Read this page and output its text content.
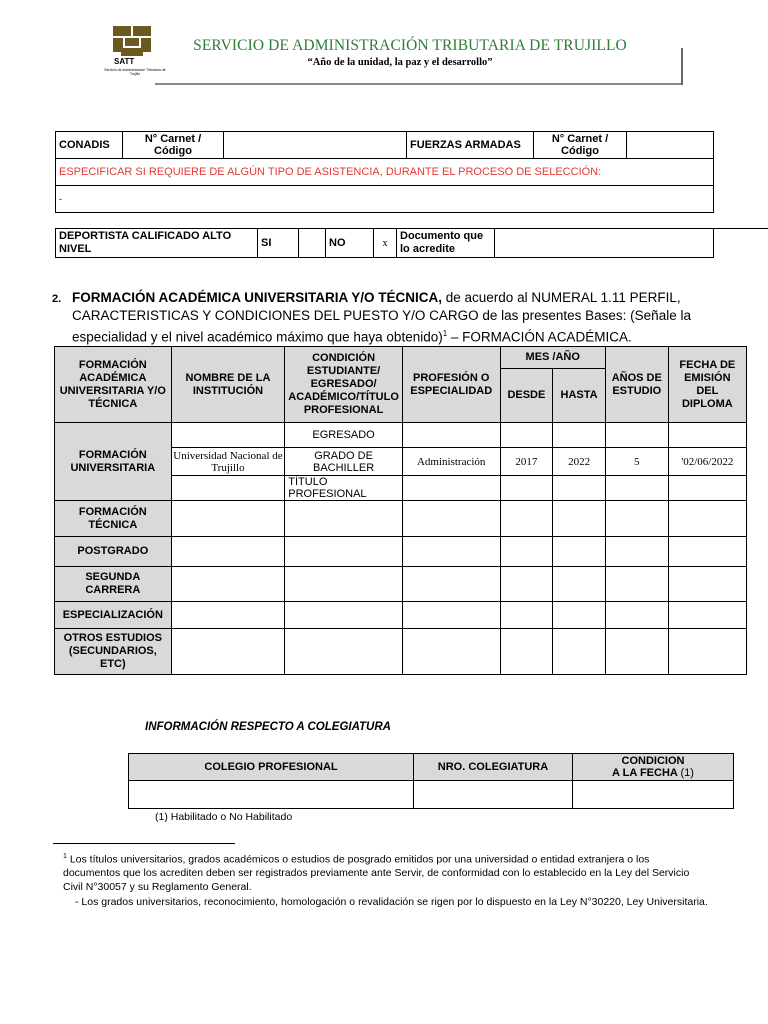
SATT
Servicio de Administración Tributaria de Trujillo
SERVICIO DE ADMINISTRACIÓN TRIBUTARIA DE TRUJILLO
“Año de la unidad, la paz y el desarrollo”
CONADIS	N° Carnet / Código		FUERZAS ARMADAS	N° Carnet / Código	
ESPECIFICAR SI REQUIERE DE ALGÚN TIPO DE ASISTENCIA, DURANTE EL PROCESO DE SELECCIÓN:
-
DEPORTISTA CALIFICADO ALTO NIVEL	SI		NO	x	Documento que lo acredite	
2. FORMACIÓN ACADÉMICA UNIVERSITARIA Y/O TÉCNICA, de acuerdo al NUMERAL 1.11 PERFIL, CARACTERISTICAS Y CONDICIONES DEL PUESTO Y/O CARGO de las presentes Bases: (Señale la especialidad y el nivel académico máximo que haya obtenido)$^1$ – FORMACIÓN ACADÉMICA.
FORMACIÓN ACADÉMICA UNIVERSITARIA Y/O TÉCNICA	NOMBRE DE LA INSTITUCIÓN	CONDICIÓN ESTUDIANTE/ EGRESADO/ ACADÉMICO/TÍTULO PROFESIONAL	PROFESIÓN O ESPECIALIDAD	MES /AÑO		AÑOS DE ESTUDIO	FECHA DE EMISIÓN DEL DIPLOMA
				DESDE	HASTA		
FORMACIÓN UNIVERSITARIA		EGRESADO					
	Universidad Nacional de Trujillo	GRADO DE BACHILLER	Administración	2017	2022	5	'02/06/2022
		TÍTULO PROFESIONAL					
FORMACIÓN TÉCNICA							
POSTGRADO							
SEGUNDA CARRERA							
ESPECIALIZACIÓN							
OTROS ESTUDIOS (SECUNDARIOS, ETC)							
INFORMACIÓN RESPECTO A COLEGIATURA
COLEGIO PROFESIONAL	NRO. COLEGIATURA	CONDICION
A LA FECHA (1)

(1) Habilitado o No Habilitado
$^1$ Los títulos universitarios, grados académicos o estudios de posgrado emitidos por una universidad o entidad extranjera o los documentos que los acrediten deben ser registrados previamente ante Servir, de conformidad con lo establecido en la Ley del Servicio Civil N°30057 y su Reglamento General.
- Los grados universitarios, reconocimiento, homologación o revalidación se rigen por lo dispuesto en la Ley N°30220, Ley Universitaria.
